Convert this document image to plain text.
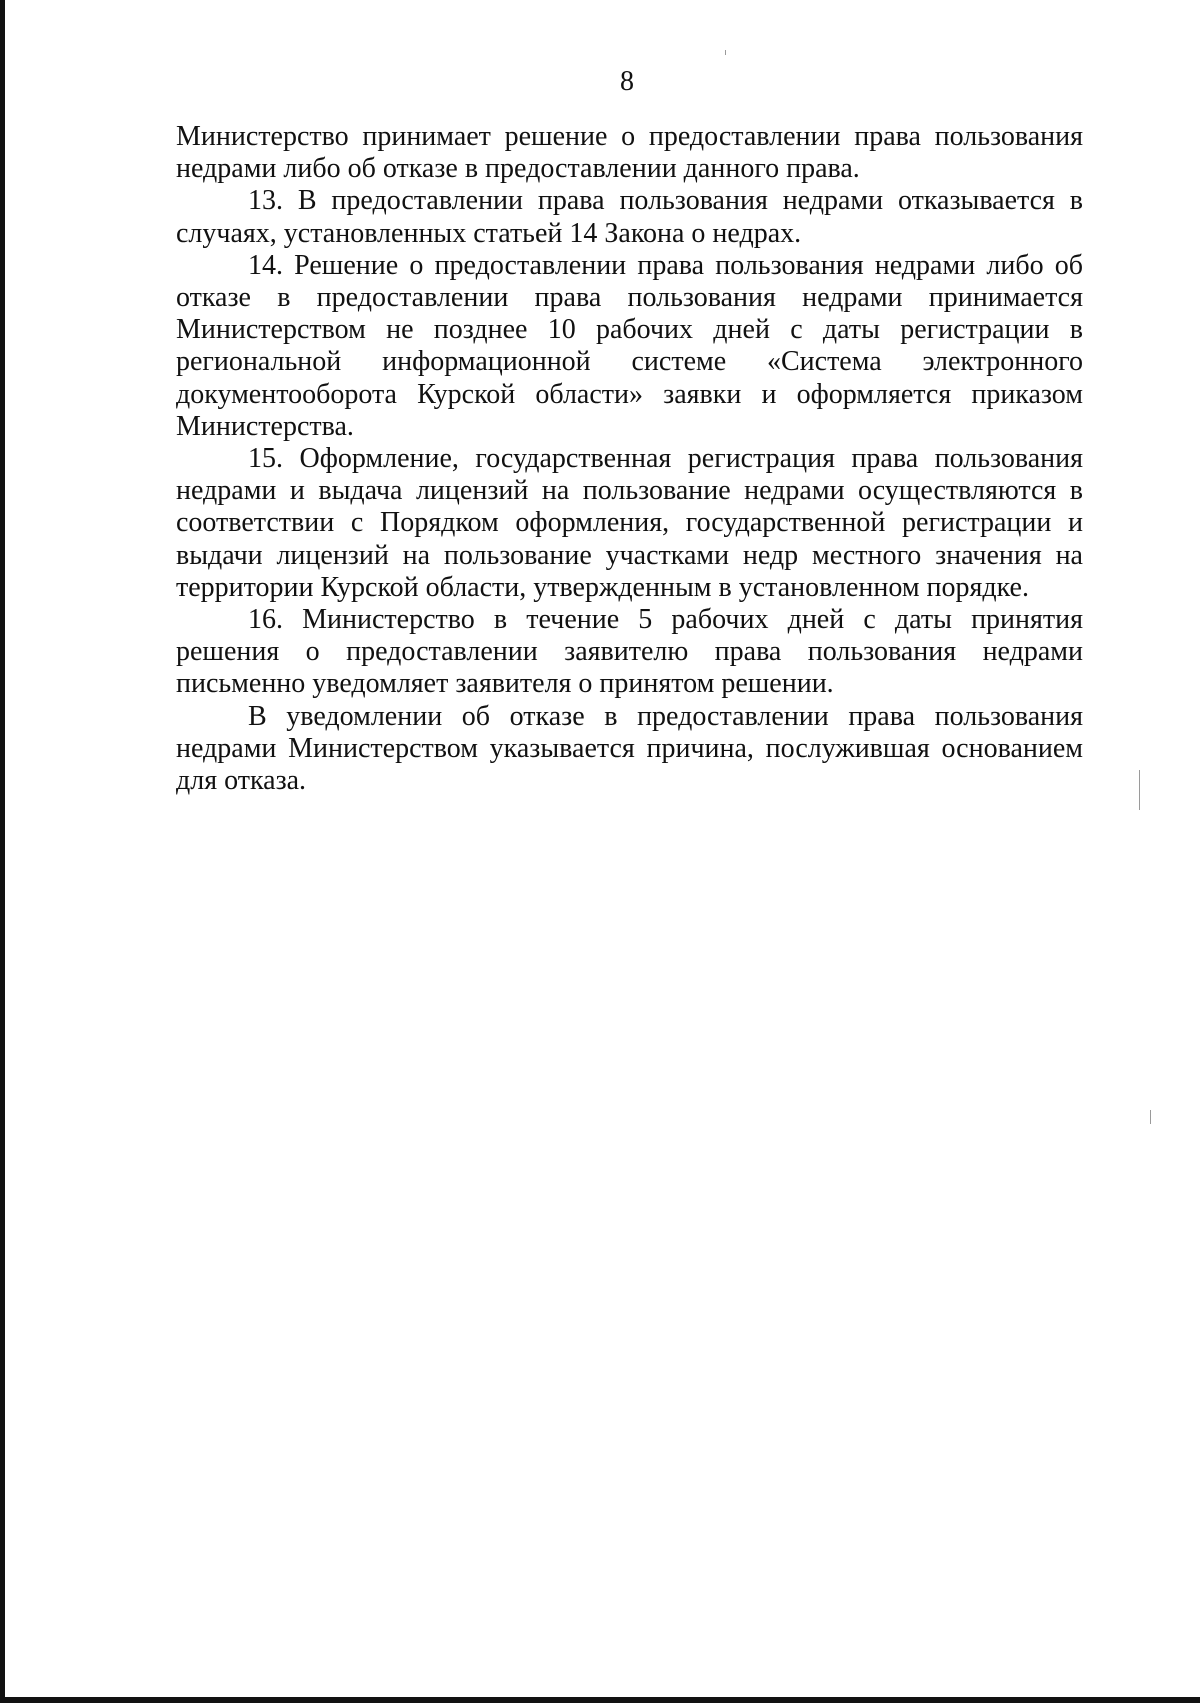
8

Министерство принимает решение о предоставлении права пользования недрами либо об отказе в предоставлении данного права.

13. В предоставлении права пользования недрами отказывается в случаях, установленных статьей 14 Закона о недрах.

14. Решение о предоставлении права пользования недрами либо об отказе в предоставлении права пользования недрами принимается Министерством не позднее 10 рабочих дней с даты регистрации в региональной информационной системе «Система электронного документооборота Курской области» заявки и оформляется приказом Министерства.

15. Оформление, государственная регистрация права пользования недрами и выдача лицензий на пользование недрами осуществляются в соответствии с Порядком оформления, государственной регистрации и выдачи лицензий на пользование участками недр местного значения на территории Курской области, утвержденным в установленном порядке.

16. Министерство в течение 5 рабочих дней с даты принятия решения о предоставлении заявителю права пользования недрами письменно уведомляет заявителя о принятом решении.

В уведомлении об отказе в предоставлении права пользования недрами Министерством указывается причина, послужившая основанием для отказа.
